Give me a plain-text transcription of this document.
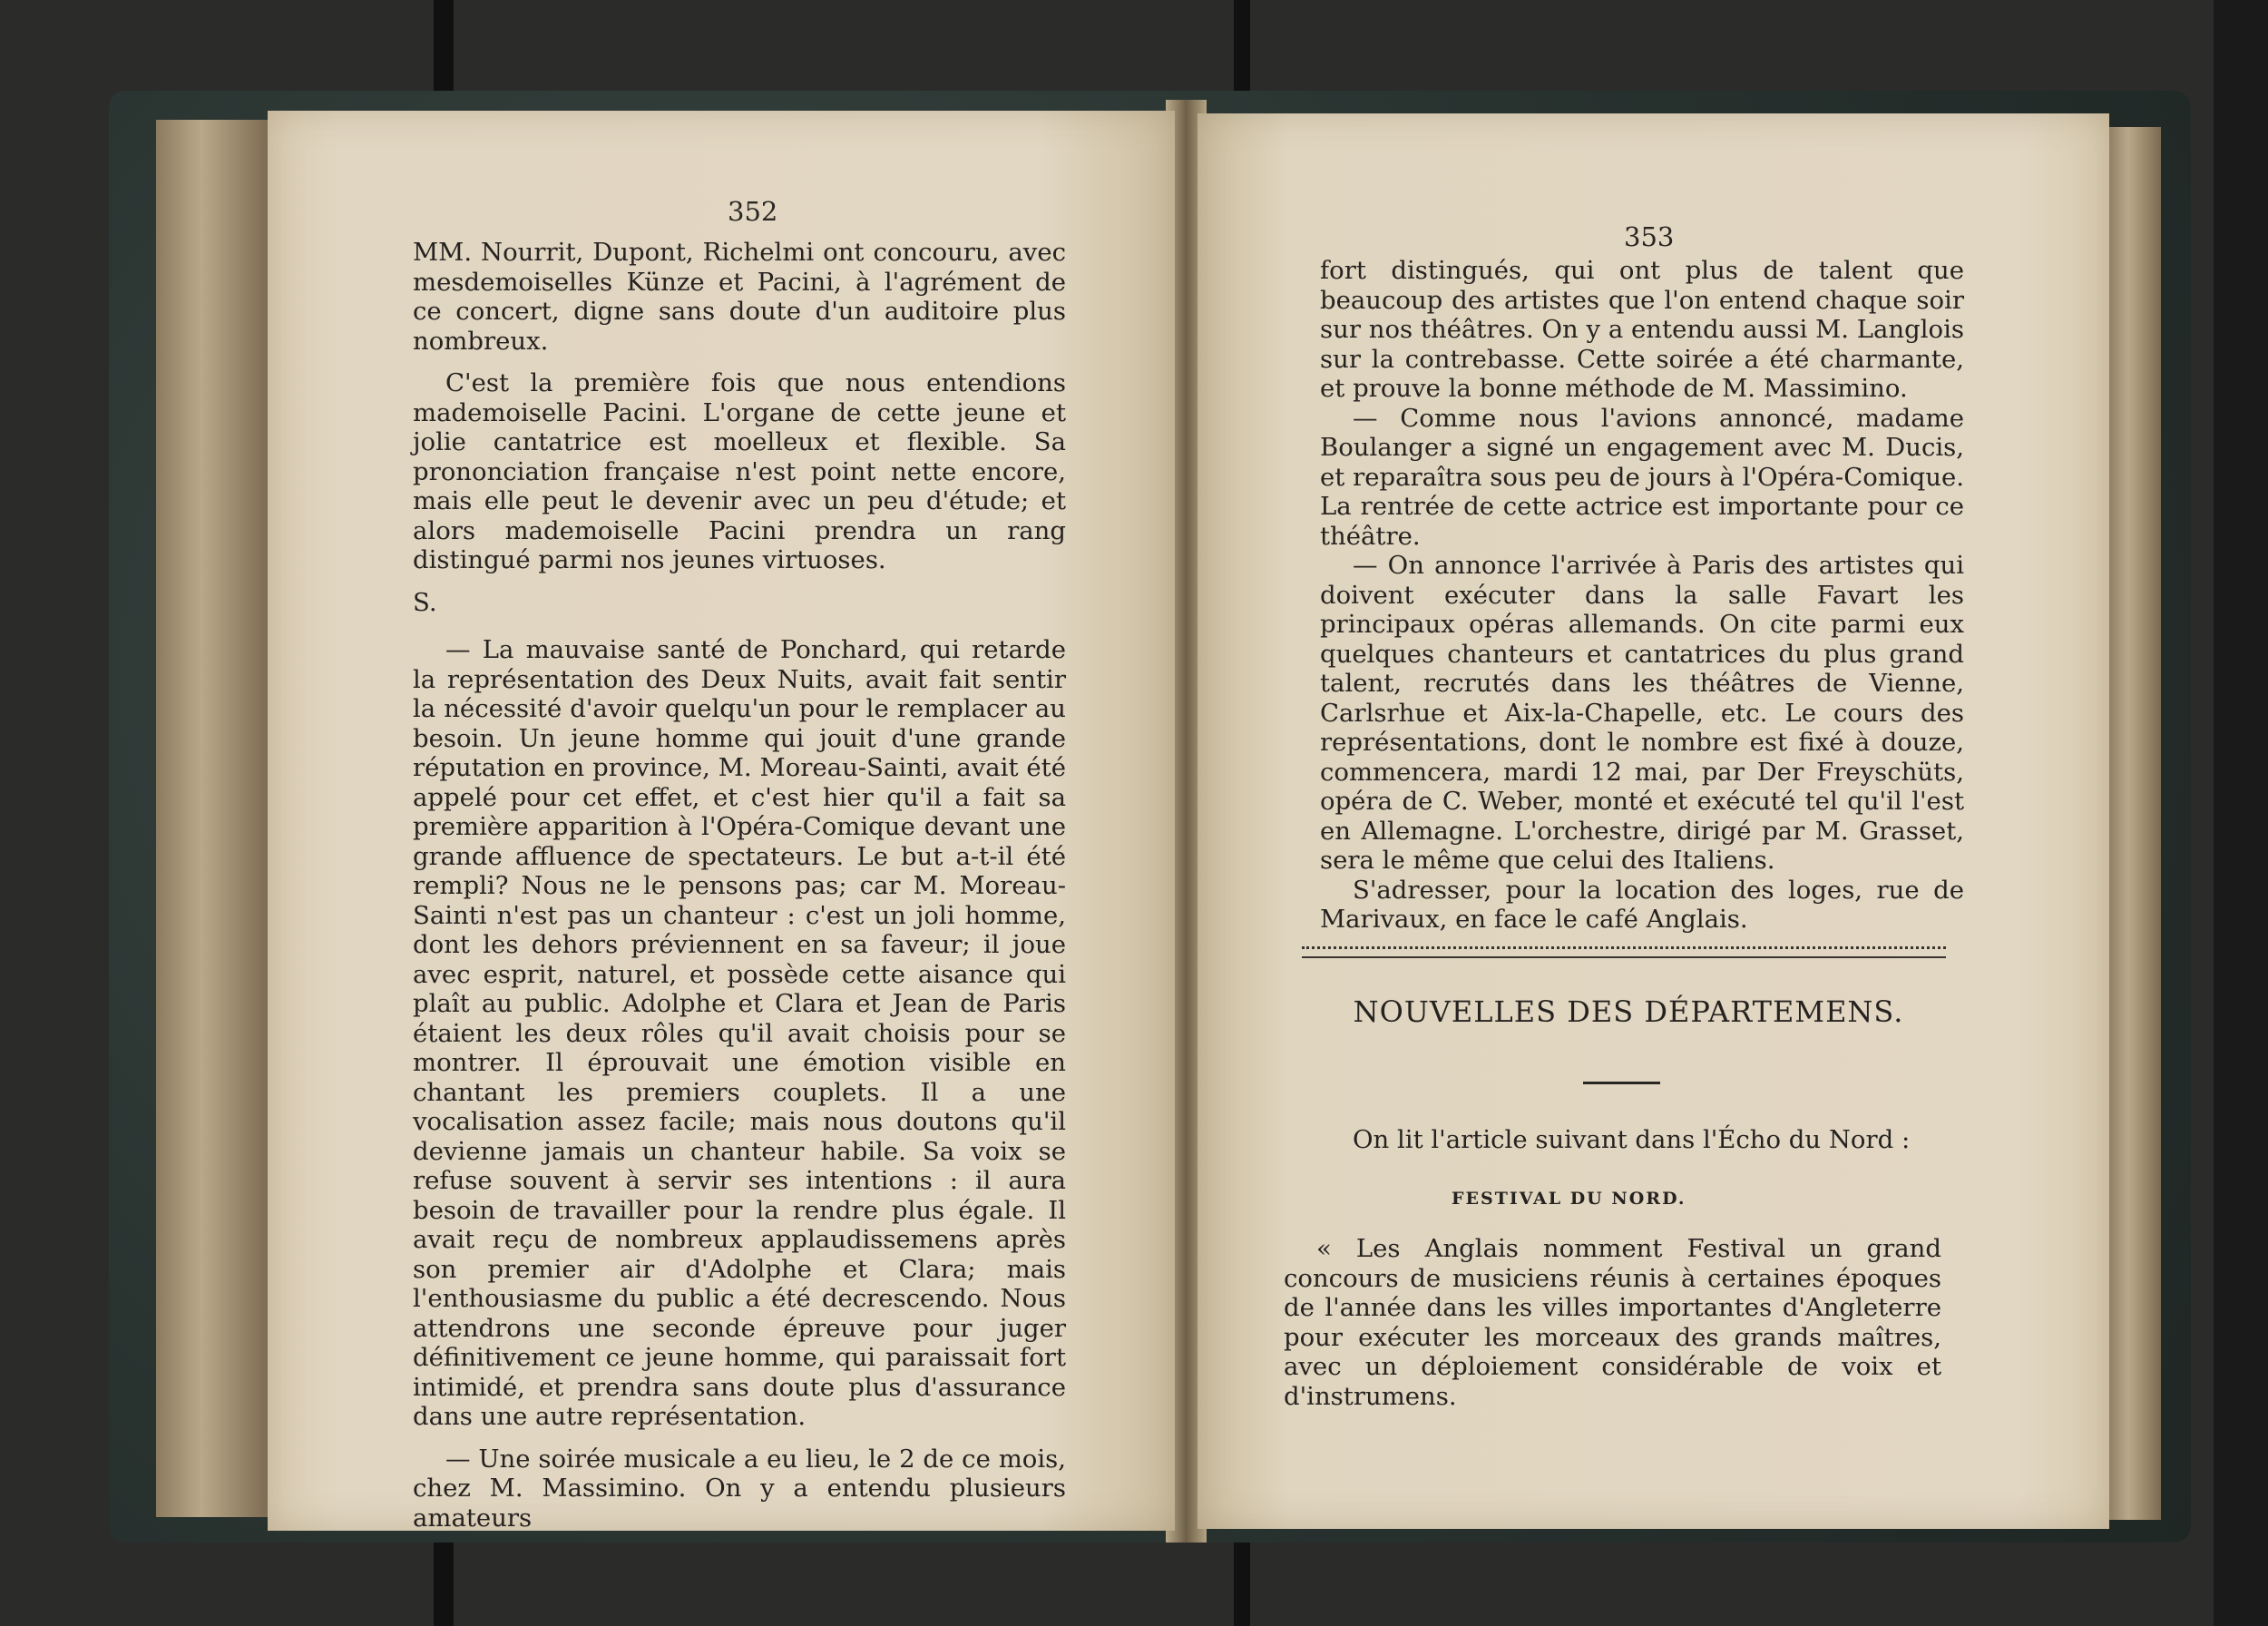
352

MM. Nourrit, Dupont, Richelmi ont concouru, avec mesdemoiselles Künze et Pacini, à l'agrément de ce concert, digne sans doute d'un auditoire plus nombreux.

C'est la première fois que nous entendions mademoiselle Pacini. L'organe de cette jeune et jolie cantatrice est moelleux et flexible. Sa prononciation française n'est point nette encore, mais elle peut le devenir avec un peu d'étude; et alors mademoiselle Pacini prendra un rang distingué parmi nos jeunes virtuoses.

S.

— La mauvaise santé de Ponchard, qui retarde la représentation des Deux Nuits, avait fait sentir la nécessité d'avoir quelqu'un pour le remplacer au besoin. Un jeune homme qui jouit d'une grande réputation en province, M. Moreau-Sainti, avait été appelé pour cet effet, et c'est hier qu'il a fait sa première apparition à l'Opéra-Comique devant une grande affluence de spectateurs. Le but a-t-il été rempli? Nous ne le pensons pas; car M. Moreau-Sainti n'est pas un chanteur : c'est un joli homme, dont les dehors préviennent en sa faveur; il joue avec esprit, naturel, et possède cette aisance qui plaît au public. Adolphe et Clara et Jean de Paris étaient les deux rôles qu'il avait choisis pour se montrer. Il éprouvait une émotion visible en chantant les premiers couplets. Il a une vocalisation assez facile; mais nous doutons qu'il devienne jamais un chanteur habile. Sa voix se refuse souvent à servir ses intentions : il aura besoin de travailler pour la rendre plus égale. Il avait reçu de nombreux applaudissemens après son premier air d'Adolphe et Clara; mais l'enthousiasme du public a été decrescendo. Nous attendrons une seconde épreuve pour juger définitivement ce jeune homme, qui paraissait fort intimidé, et prendra sans doute plus d'assurance dans une autre représentation.

— Une soirée musicale a eu lieu, le 2 de ce mois, chez M. Massimino. On y a entendu plusieurs amateurs

353

fort distingués, qui ont plus de talent que beaucoup des artistes que l'on entend chaque soir sur nos théâtres. On y a entendu aussi M. Langlois sur la contrebasse. Cette soirée a été charmante, et prouve la bonne méthode de M. Massimino.

— Comme nous l'avions annoncé, madame Boulanger a signé un engagement avec M. Ducis, et reparaîtra sous peu de jours à l'Opéra-Comique. La rentrée de cette actrice est importante pour ce théâtre.

— On annonce l'arrivée à Paris des artistes qui doivent exécuter dans la salle Favart les principaux opéras allemands. On cite parmi eux quelques chanteurs et cantatrices du plus grand talent, recrutés dans les théâtres de Vienne, Carlsrhue et Aix-la-Chapelle, etc. Le cours des représentations, dont le nombre est fixé à douze, commencera, mardi 12 mai, par Der Freyschüts, opéra de C. Weber, monté et exécuté tel qu'il l'est en Allemagne. L'orchestre, dirigé par M. Grasset, sera le même que celui des Italiens.

S'adresser, pour la location des loges, rue de Marivaux, en face le café Anglais.

NOUVELLES DES DÉPARTEMENS.

On lit l'article suivant dans l'Écho du Nord :

FESTIVAL DU NORD.

« Les Anglais nomment Festival un grand concours de musiciens réunis à certaines époques de l'année dans les villes importantes d'Angleterre pour exécuter les morceaux des grands maîtres, avec un déploiement considérable de voix et d'instrumens.
